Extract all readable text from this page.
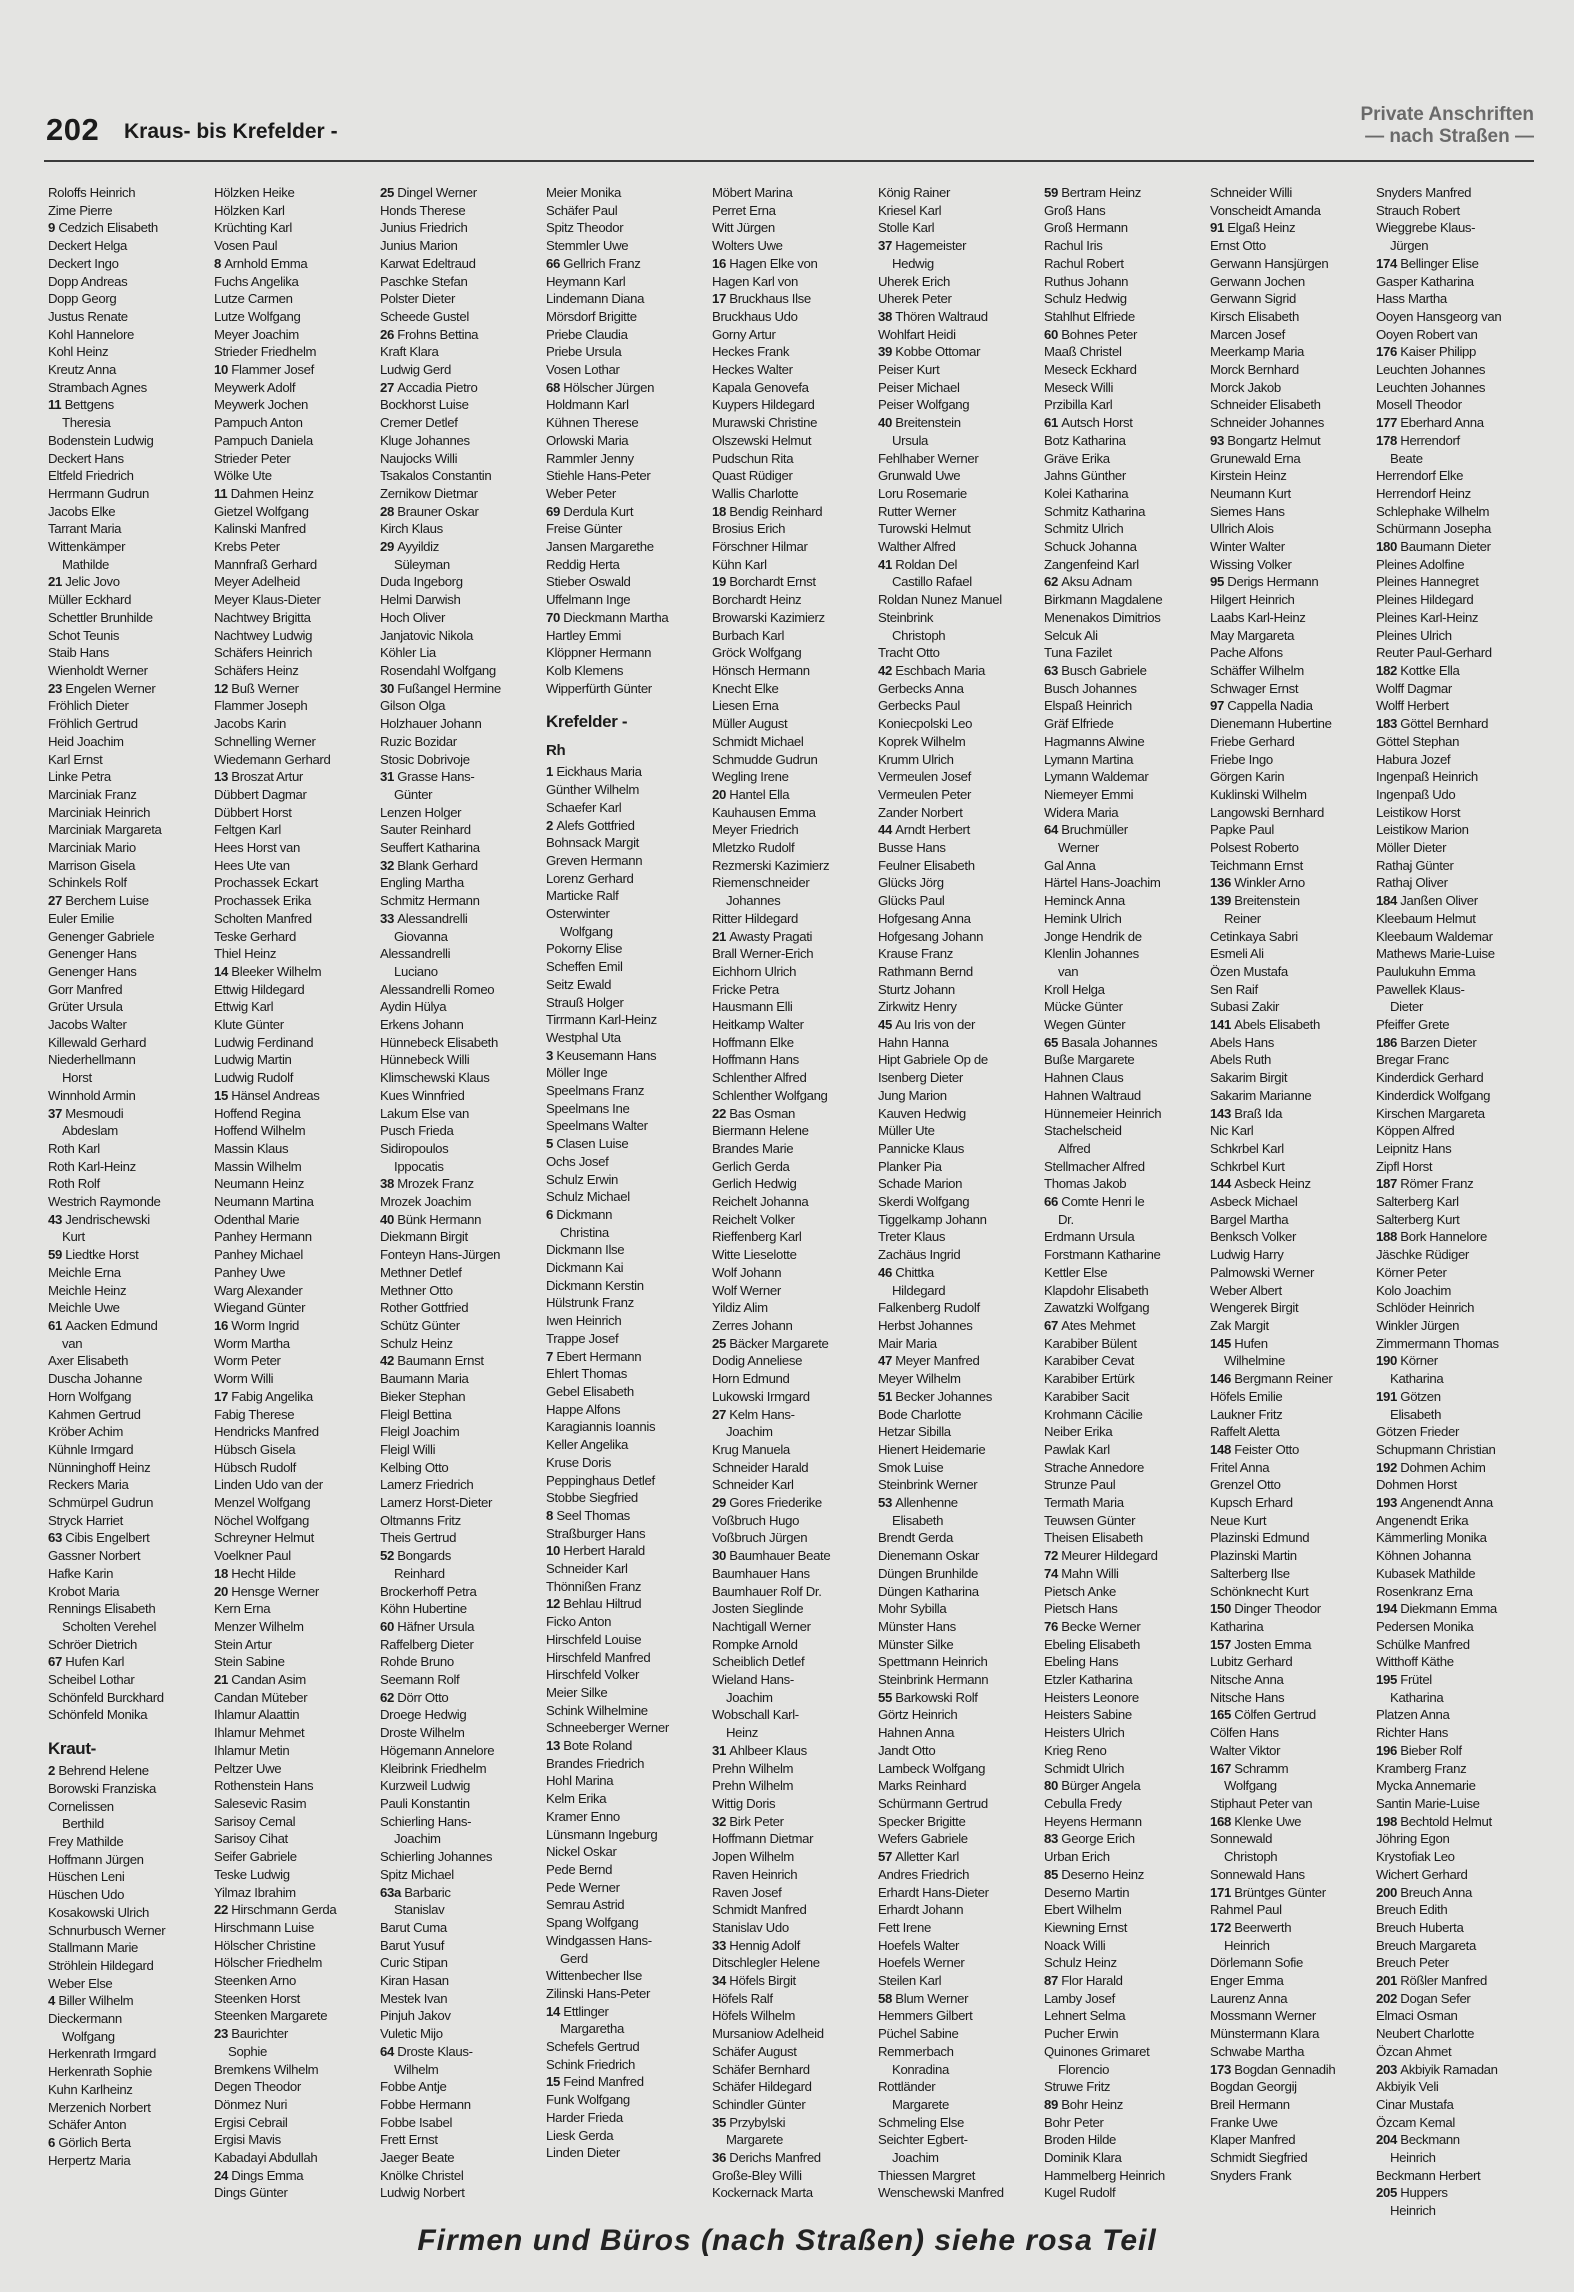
202 Kraus- bis Krefelder -
Private Anschriften
— nach Straßen —
Roloffs Heinrich
Zime Pierre
9 Cedzich Elisabeth
Deckert Helga
Deckert Ingo
Dopp Andreas
Dopp Georg
Justus Renate
Kohl Hannelore
Kohl Heinz
Kreutz Anna
Strambach Agnes
11 Bettgens
Theresia
Bodenstein Ludwig
Deckert Hans
Eltfeld Friedrich
Herrmann Gudrun
Jacobs Elke
Tarrant Maria
Wittenkämper
Mathilde
21 Jelic Jovo
Müller Eckhard
Schettler Brunhilde
Schot Teunis
Staib Hans
Wienholdt Werner
23 Engelen Werner
Fröhlich Dieter
Fröhlich Gertrud
Heid Joachim
Karl Ernst
Linke Petra
Marciniak Franz
Marciniak Heinrich
Marciniak Margareta
Marciniak Mario
Marrison Gisela
Schinkels Rolf
27 Berchem Luise
Euler Emilie
Genenger Gabriele
Genenger Hans
Genenger Hans
Gorr Manfred
Grüter Ursula
Jacobs Walter
Killewald Gerhard
Niederhellmann
Horst
Winnhold Armin
37 Mesmoudi
Abdeslam
Roth Karl
Roth Karl-Heinz
Roth Rolf
Westrich Raymonde
43 Jendrischewski
Kurt
59 Liedtke Horst
Meichle Erna
Meichle Heinz
Meichle Uwe
61 Aacken Edmund
van
Axer Elisabeth
Duscha Johanne
Horn Wolfgang
Kahmen Gertrud
Kröber Achim
Kühnle Irmgard
Nünninghoff Heinz
Reckers Maria
Schmürpel Gudrun
Stryck Harriet
63 Cibis Engelbert
Gassner Norbert
Hafke Karin
Krobot Maria
Rennings Elisabeth
Scholten Verehel
Schröer Dietrich
67 Hufen Karl
Scheibel Lothar
Schönfeld Burckhard
Schönfeld Monika
Kraut-
2 Behrend Helene
Borowski Franziska
Cornelissen
Berthild
Frey Mathilde
Hoffmann Jürgen
Hüschen Leni
Hüschen Udo
Kosakowski Ulrich
Schnurbusch Werner
Stallmann Marie
Ströhlein Hildegard
Weber Else
4 Biller Wilhelm
Dieckermann
Wolfgang
Herkenrath Irmgard
Herkenrath Sophie
Kuhn Karlheinz
Merzenich Norbert
Schäfer Anton
6 Görlich Berta
Herpertz Maria
Hölzken Heike
Hölzken Karl
Krüchting Karl
Vosen Paul
8 Arnhold Emma
Fuchs Angelika
Lutze Carmen
Lutze Wolfgang
Meyer Joachim
Strieder Friedhelm
10 Flammer Josef
Meywerk Adolf
Meywerk Jochen
Pampuch Anton
Pampuch Daniela
Strieder Peter
Wölke Ute
11 Dahmen Heinz
Gietzel Wolfgang
Kalinski Manfred
Krebs Peter
Mannfraß Gerhard
Meyer Adelheid
Meyer Klaus-Dieter
Nachtwey Brigitta
Nachtwey Ludwig
Schäfers Heinrich
Schäfers Heinz
12 Buß Werner
Flammer Joseph
Jacobs Karin
Schnelling Werner
Wiedemann Gerhard
13 Broszat Artur
Dübbert Dagmar
Dübbert Horst
Feltgen Karl
Hees Horst van
Hees Ute van
Prochassek Eckart
Prochassek Erika
Scholten Manfred
Teske Gerhard
Thiel Heinz
14 Bleeker Wilhelm
Ettwig Hildegard
Ettwig Karl
Klute Günter
Ludwig Ferdinand
Ludwig Martin
Ludwig Rudolf
15 Hänsel Andreas
Hoffend Regina
Hoffend Wilhelm
Massin Klaus
Massin Wilhelm
Neumann Heinz
Neumann Martina
Odenthal Marie
Panhey Hermann
Panhey Michael
Panhey Uwe
Warg Alexander
Wiegand Günter
16 Worm Ingrid
Worm Martha
Worm Peter
Worm Willi
17 Fabig Angelika
Fabig Therese
Hendricks Manfred
Hübsch Gisela
Hübsch Rudolf
Linden Udo van der
Menzel Wolfgang
Nöchel Wolfgang
Schreyner Helmut
Voelkner Paul
18 Hecht Hilde
20 Hensge Werner
Kern Erna
Menzer Wilhelm
Stein Artur
Stein Sabine
21 Candan Asim
Candan Müteber
Ihlamur Alaattin
Ihlamur Mehmet
Ihlamur Metin
Peltzer Uwe
Rothenstein Hans
Salesevic Rasim
Sarisoy Cemal
Sarisoy Cihat
Seifer Gabriele
Teske Ludwig
Yilmaz Ibrahim
22 Hirschmann Gerda
Hirschmann Luise
Hölscher Christine
Hölscher Friedhelm
Steenken Arno
Steenken Horst
Steenken Margarete
23 Baurichter
Sophie
Bremkens Wilhelm
Degen Theodor
Dönmez Nuri
Ergisi Cebrail
Ergisi Mavis
Kabadayi Abdullah
24 Dings Emma
Dings Günter
25 Dingel Werner
Honds Therese
Junius Friedrich
Junius Marion
Karwat Edeltraud
Paschke Stefan
Polster Dieter
Scheede Gustel
26 Frohns Bettina
Kraft Klara
Ludwig Gerd
27 Accadia Pietro
Bockhorst Luise
Cremer Detlef
Kluge Johannes
Naujocks Willi
Tsakalos Constantin
Zernikow Dietmar
28 Brauner Oskar
Kirch Klaus
29 Ayyildiz
Süleyman
Duda Ingeborg
Helmi Darwish
Hoch Oliver
Janjatovic Nikola
Köhler Lia
Rosendahl Wolfgang
30 Fußangel Hermine
Gilson Olga
Holzhauer Johann
Ruzic Bozidar
Stosic Dobrivoje
31 Grasse Hans-
Günter
Lenzen Holger
Sauter Reinhard
Seuffert Katharina
32 Blank Gerhard
Engling Martha
Schmitz Hermann
33 Alessandrelli
Giovanna
Alessandrelli
Luciano
Alessandrelli Romeo
Aydin Hülya
Erkens Johann
Hünnebeck Elisabeth
Hünnebeck Willi
Klimschewski Klaus
Kues Winnfried
Lakum Else van
Pusch Frieda
Sidiropoulos
Ippocatis
38 Mrozek Franz
Mrozek Joachim
40 Bünk Hermann
Diekmann Birgit
Fonteyn Hans-Jürgen
Methner Detlef
Methner Otto
Rother Gottfried
Schütz Günter
Schulz Heinz
42 Baumann Ernst
Baumann Maria
Bieker Stephan
Fleigl Bettina
Fleigl Joachim
Fleigl Willi
Kelbing Otto
Lamerz Friedrich
Lamerz Horst-Dieter
Oltmanns Fritz
Theis Gertrud
52 Bongards
Reinhard
Brockerhoff Petra
Köhn Hubertine
60 Häfner Ursula
Raffelberg Dieter
Rohde Bruno
Seemann Rolf
62 Dörr Otto
Droege Hedwig
Droste Wilhelm
Högemann Annelore
Kleibrink Friedhelm
Kurzweil Ludwig
Pauli Konstantin
Schierling Hans-
Joachim
Schierling Johannes
Spitz Michael
63a Barbaric
Stanislav
Barut Cuma
Barut Yusuf
Curic Stipan
Kiran Hasan
Mestek Ivan
Pinjuh Jakov
Vuletic Mijo
64 Droste Klaus-
Wilhelm
Fobbe Antje
Fobbe Hermann
Fobbe Isabel
Frett Ernst
Jaeger Beate
Knölke Christel
Ludwig Norbert
Meier Monika
Schäfer Paul
Spitz Theodor
Stemmler Uwe
66 Gellrich Franz
Heymann Karl
Lindemann Diana
Mörsdorf Brigitte
Priebe Claudia
Priebe Ursula
Vosen Lothar
68 Hölscher Jürgen
Holdmann Karl
Kühnen Therese
Orlowski Maria
Rammler Jenny
Stiehle Hans-Peter
Weber Peter
69 Derdula Kurt
Freise Günter
Jansen Margarethe
Reddig Herta
Stieber Oswald
Uffelmann Inge
70 Dieckmann Martha
Hartley Emmi
Klöppner Hermann
Kolb Klemens
Wipperfürth Günter
Krefelder -
Rh
1 Eickhaus Maria
Günther Wilhelm
Schaefer Karl
2 Alefs Gottfried
Bohnsack Margit
Greven Hermann
Lorenz Gerhard
Marticke Ralf
Osterwinter
Wolfgang
Pokorny Elise
Scheffen Emil
Seitz Ewald
Strauß Holger
Tirrmann Karl-Heinz
Westphal Uta
3 Keusemann Hans
Möller Inge
Speelmans Franz
Speelmans Ine
Speelmans Walter
5 Clasen Luise
Ochs Josef
Schulz Erwin
Schulz Michael
6 Dickmann
Christina
Dickmann Ilse
Dickmann Kai
Dickmann Kerstin
Hülstrunk Franz
Iwen Heinrich
Trappe Josef
7 Ebert Hermann
Ehlert Thomas
Gebel Elisabeth
Happe Alfons
Karagiannis Ioannis
Keller Angelika
Kruse Doris
Peppinghaus Detlef
Stobbe Siegfried
8 Seel Thomas
Straßburger Hans
10 Herbert Harald
Schneider Karl
Thönnißen Franz
12 Behlau Hiltrud
Ficko Anton
Hirschfeld Louise
Hirschfeld Manfred
Hirschfeld Volker
Meier Silke
Schink Wilhelmine
Schneeberger Werner
13 Bote Roland
Brandes Friedrich
Hohl Marina
Kelm Erika
Kramer Enno
Lünsmann Ingeburg
Nickel Oskar
Pede Bernd
Pede Werner
Semrau Astrid
Spang Wolfgang
Windgassen Hans-
Gerd
Wittenbecher Ilse
Zilinski Hans-Peter
14 Ettlinger
Margaretha
Schefels Gertrud
Schink Friedrich
15 Feind Manfred
Funk Wolfgang
Harder Frieda
Liesk Gerda
Linden Dieter
Möbert Marina
Perret Erna
Witt Jürgen
Wolters Uwe
16 Hagen Elke von
Hagen Karl von
17 Bruckhaus Ilse
Bruckhaus Udo
Gorny Artur
Heckes Frank
Heckes Walter
Kapala Genovefa
Kuypers Hildegard
Murawski Christine
Olszewski Helmut
Pudschun Rita
Quast Rüdiger
Wallis Charlotte
18 Bendig Reinhard
Brosius Erich
Förschner Hilmar
Kühn Karl
19 Borchardt Ernst
Borchardt Heinz
Browarski Kazimierz
Burbach Karl
Gröck Wolfgang
Hönsch Hermann
Knecht Elke
Liesen Erna
Müller August
Schmidt Michael
Schmudde Gudrun
Wegling Irene
20 Hantel Ella
Kauhausen Emma
Meyer Friedrich
Mletzko Rudolf
Rezmerski Kazimierz
Riemenschneider
Johannes
Ritter Hildegard
21 Awasty Pragati
Brall Werner-Erich
Eichhorn Ulrich
Fricke Petra
Hausmann Elli
Heitkamp Walter
Hoffmann Elke
Hoffmann Hans
Schlenther Alfred
Schlenther Wolfgang
22 Bas Osman
Biermann Helene
Brandes Marie
Gerlich Gerda
Gerlich Hedwig
Reichelt Johanna
Reichelt Volker
Rieffenberg Karl
Witte Lieselotte
Wolf Johann
Wolf Werner
Yildiz Alim
Zerres Johann
25 Bäcker Margarete
Dodig Anneliese
Horn Edmund
Lukowski Irmgard
27 Kelm Hans-
Joachim
Krug Manuela
Schneider Harald
Schneider Karl
29 Gores Friederike
Voßbruch Hugo
Voßbruch Jürgen
30 Baumhauer Beate
Baumhauer Hans
Baumhauer Rolf Dr.
Josten Sieglinde
Nachtigall Werner
Rompke Arnold
Scheiblich Detlef
Wieland Hans-
Joachim
Wobschall Karl-
Heinz
31 Ahlbeer Klaus
Prehn Wilhelm
Prehn Wilhelm
Wittig Doris
32 Birk Peter
Hoffmann Dietmar
Jopen Wilhelm
Raven Heinrich
Raven Josef
Schmidt Manfred
Stanislav Udo
33 Hennig Adolf
Ditschlegler Helene
34 Höfels Birgit
Höfels Ralf
Höfels Wilhelm
Mursaniow Adelheid
Schäfer August
Schäfer Bernhard
Schäfer Hildegard
Schindler Günter
35 Przybylski
Margarete
36 Derichs Manfred
Große-Bley Willi
Kockernack Marta
König Rainer
Kriesel Karl
Stolle Karl
37 Hagemeister
Hedwig
Uherek Erich
Uherek Peter
38 Thören Waltraud
Wohlfart Heidi
39 Kobbe Ottomar
Peiser Kurt
Peiser Michael
Peiser Wolfgang
40 Breitenstein
Ursula
Fehlhaber Werner
Grunwald Uwe
Loru Rosemarie
Rutter Werner
Turowski Helmut
Walther Alfred
41 Roldan Del
Castillo Rafael
Roldan Nunez Manuel
Steinbrink
Christoph
Tracht Otto
42 Eschbach Maria
Gerbecks Anna
Gerbecks Paul
Koniecpolski Leo
Koprek Wilhelm
Krumm Ulrich
Vermeulen Josef
Vermeulen Peter
Zander Norbert
44 Arndt Herbert
Busse Hans
Feulner Elisabeth
Glücks Jörg
Glücks Paul
Hofgesang Anna
Hofgesang Johann
Krause Franz
Rathmann Bernd
Sturtz Johann
Zirkwitz Henry
45 Au Iris von der
Hahn Hanna
Hipt Gabriele Op de
Isenberg Dieter
Jung Marion
Kauven Hedwig
Müller Ute
Pannicke Klaus
Planker Pia
Schade Marion
Skerdi Wolfgang
Tiggelkamp Johann
Treter Klaus
Zachäus Ingrid
46 Chittka
Hildegard
Falkenberg Rudolf
Herbst Johannes
Mair Maria
47 Meyer Manfred
Meyer Wilhelm
51 Becker Johannes
Bode Charlotte
Hetzar Sibilla
Hienert Heidemarie
Smok Luise
Steinbrink Werner
53 Allenhenne
Elisabeth
Brendt Gerda
Dienemann Oskar
Düngen Brunhilde
Düngen Katharina
Mohr Sybilla
Münster Hans
Münster Silke
Spettmann Heinrich
Steinbrink Hermann
55 Barkowski Rolf
Görtz Heinrich
Hahnen Anna
Jandt Otto
Lambeck Wolfgang
Marks Reinhard
Schürmann Gertrud
Specker Brigitte
Wefers Gabriele
57 Alletter Karl
Andres Friedrich
Erhardt Hans-Dieter
Erhardt Johann
Fett Irene
Hoefels Walter
Hoefels Werner
Steilen Karl
58 Blum Werner
Hemmers Gilbert
Püchel Sabine
Remmerbach
Konradina
Rottländer
Margarete
Schmeling Else
Seichter Egbert-
Joachim
Thiessen Margret
Wenschewski Manfred
59 Bertram Heinz
Groß Hans
Groß Hermann
Rachul Iris
Rachul Robert
Ruthus Johann
Schulz Hedwig
Stahlhut Elfriede
60 Bohnes Peter
Maaß Christel
Meseck Eckhard
Meseck Willi
Przibilla Karl
61 Autsch Horst
Botz Katharina
Gräve Erika
Jahns Günther
Kolei Katharina
Schmitz Katharina
Schmitz Ulrich
Schuck Johanna
Zangenfeind Karl
62 Aksu Adnam
Birkmann Magdalene
Menenakos Dimitrios
Selcuk Ali
Tuna Fazilet
63 Busch Gabriele
Busch Johannes
Elspaß Heinrich
Gräf Elfriede
Hagmanns Alwine
Lymann Martina
Lymann Waldemar
Niemeyer Emmi
Widera Maria
64 Bruchmüller
Werner
Gal Anna
Härtel Hans-Joachim
Heminck Anna
Hemink Ulrich
Jonge Hendrik de
Klenlin Johannes
van
Kroll Helga
Mücke Günter
Wegen Günter
65 Basala Johannes
Buße Margarete
Hahnen Claus
Hahnen Waltraud
Hünnemeier Heinrich
Stachelscheid
Alfred
Stellmacher Alfred
Thomas Jakob
66 Comte Henri le
Dr.
Erdmann Ursula
Forstmann Katharine
Kettler Else
Klapdohr Elisabeth
Zawatzki Wolfgang
67 Ates Mehmet
Karabiber Bülent
Karabiber Cevat
Karabiber Ertürk
Karabiber Sacit
Krohmann Cäcilie
Neiber Erika
Pawlak Karl
Strache Annedore
Strunze Paul
Termath Maria
Teuwsen Günter
Theisen Elisabeth
72 Meurer Hildegard
74 Mahn Willi
Pietsch Anke
Pietsch Hans
76 Becke Werner
Ebeling Elisabeth
Ebeling Hans
Etzler Katharina
Heisters Leonore
Heisters Sabine
Heisters Ulrich
Krieg Reno
Schmidt Ulrich
80 Bürger Angela
Cebulla Fredy
Heyens Hermann
83 George Erich
Urban Erich
85 Deserno Heinz
Deserno Martin
Ebert Wilhelm
Kiewning Ernst
Noack Willi
Schulz Heinz
87 Flor Harald
Lamby Josef
Lehnert Selma
Pucher Erwin
Quinones Grimaret
Florencio
Struwe Fritz
89 Bohr Heinz
Bohr Peter
Broden Hilde
Dominik Klara
Hammelberg Heinrich
Kugel Rudolf
Schneider Willi
Vonscheidt Amanda
91 Elgaß Heinz
Ernst Otto
Gerwann Hansjürgen
Gerwann Jochen
Gerwann Sigrid
Kirsch Elisabeth
Marcen Josef
Meerkamp Maria
Morck Bernhard
Morck Jakob
Schneider Elisabeth
Schneider Johannes
93 Bongartz Helmut
Grunewald Erna
Kirstein Heinz
Neumann Kurt
Siemes Hans
Ullrich Alois
Winter Walter
Wissing Volker
95 Derigs Hermann
Hilgert Heinrich
Laabs Karl-Heinz
May Margareta
Pache Alfons
Schäffer Wilhelm
Schwager Ernst
97 Cappella Nadia
Dienemann Hubertine
Friebe Gerhard
Friebe Ingo
Görgen Karin
Kuklinski Wilhelm
Langowski Bernhard
Papke Paul
Polsest Roberto
Teichmann Ernst
136 Winkler Arno
139 Breitenstein
Reiner
Cetinkaya Sabri
Esmeli Ali
Özen Mustafa
Sen Raif
Subasi Zakir
141 Abels Elisabeth
Abels Hans
Abels Ruth
Sakarim Birgit
Sakarim Marianne
143 Braß Ida
Nic Karl
Schkrbel Karl
Schkrbel Kurt
144 Asbeck Heinz
Asbeck Michael
Bargel Martha
Benksch Volker
Ludwig Harry
Palmowski Werner
Weber Albert
Wengerek Birgit
Zak Margit
145 Hufen
Wilhelmine
146 Bergmann Reiner
Höfels Emilie
Laukner Fritz
Raffelt Aletta
148 Feister Otto
Fritel Anna
Grenzel Otto
Kupsch Erhard
Neue Kurt
Plazinski Edmund
Plazinski Martin
Salterberg Ilse
Schönknecht Kurt
150 Dinger Theodor
Katharina
157 Josten Emma
Lubitz Gerhard
Nitsche Anna
Nitsche Hans
165 Cölfen Gertrud
Cölfen Hans
Walter Viktor
167 Schramm
Wolfgang
Stiphaut Peter van
168 Klenke Uwe
Sonnewald
Christoph
Sonnewald Hans
171 Brüntges Günter
Rahmel Paul
172 Beerwerth
Heinrich
Dörlemann Sofie
Enger Emma
Laurenz Anna
Mossmann Werner
Münstermann Klara
Schwabe Martha
173 Bogdan Gennadih
Bogdan Georgij
Breil Hermann
Franke Uwe
Klaper Manfred
Schmidt Siegfried
Snyders Frank
Snyders Manfred
Strauch Robert
Wieggrebe Klaus-
Jürgen
174 Bellinger Elise
Gasper Katharina
Hass Martha
Ooyen Hansgeorg van
Ooyen Robert van
176 Kaiser Philipp
Leuchten Johannes
Leuchten Johannes
Mosell Theodor
177 Eberhard Anna
178 Herrendorf
Beate
Herrendorf Elke
Herrendorf Heinz
Schlephake Wilhelm
Schürmann Josepha
180 Baumann Dieter
Pleines Adolfine
Pleines Hannegret
Pleines Hildegard
Pleines Karl-Heinz
Pleines Ulrich
Reuter Paul-Gerhard
182 Kottke Ella
Wolff Dagmar
Wolff Herbert
183 Göttel Bernhard
Göttel Stephan
Habura Jozef
Ingenpaß Heinrich
Ingenpaß Udo
Leistikow Horst
Leistikow Marion
Möller Dieter
Rathaj Günter
Rathaj Oliver
184 Janßen Oliver
Kleebaum Helmut
Kleebaum Waldemar
Mathews Marie-Luise
Paulukuhn Emma
Pawellek Klaus-
Dieter
Pfeiffer Grete
186 Barzen Dieter
Bregar Franc
Kinderdick Gerhard
Kinderdick Wolfgang
Kirschen Margareta
Köppen Alfred
Leipnitz Hans
Zipfl Horst
187 Römer Franz
Salterberg Karl
Salterberg Kurt
188 Bork Hannelore
Jäschke Rüdiger
Körner Peter
Kolo Joachim
Schlöder Heinrich
Winkler Jürgen
Zimmermann Thomas
190 Körner
Katharina
191 Götzen
Elisabeth
Götzen Frieder
Schupmann Christian
192 Dohmen Achim
Dohmen Horst
193 Angenendt Anna
Angenendt Erika
Kämmerling Monika
Köhnen Johanna
Kubasek Mathilde
Rosenkranz Erna
194 Diekmann Emma
Pedersen Monika
Schülke Manfred
Witthoff Käthe
195 Frütel
Katharina
Platzen Anna
Richter Hans
196 Bieber Rolf
Kramberg Franz
Mycka Annemarie
Santin Marie-Luise
198 Bechtold Helmut
Jöhring Egon
Krystofiak Leo
Wichert Gerhard
200 Breuch Anna
Breuch Edith
Breuch Huberta
Breuch Margareta
Breuch Peter
201 Rößler Manfred
202 Dogan Sefer
Elmaci Osman
Neubert Charlotte
Özcan Ahmet
203 Akbiyik Ramadan
Akbiyik Veli
Cinar Mustafa
Özcam Kemal
204 Beckmann
Heinrich
Beckmann Herbert
205 Huppers
Heinrich
Firmen und Büros (nach Straßen) siehe rosa Teil
